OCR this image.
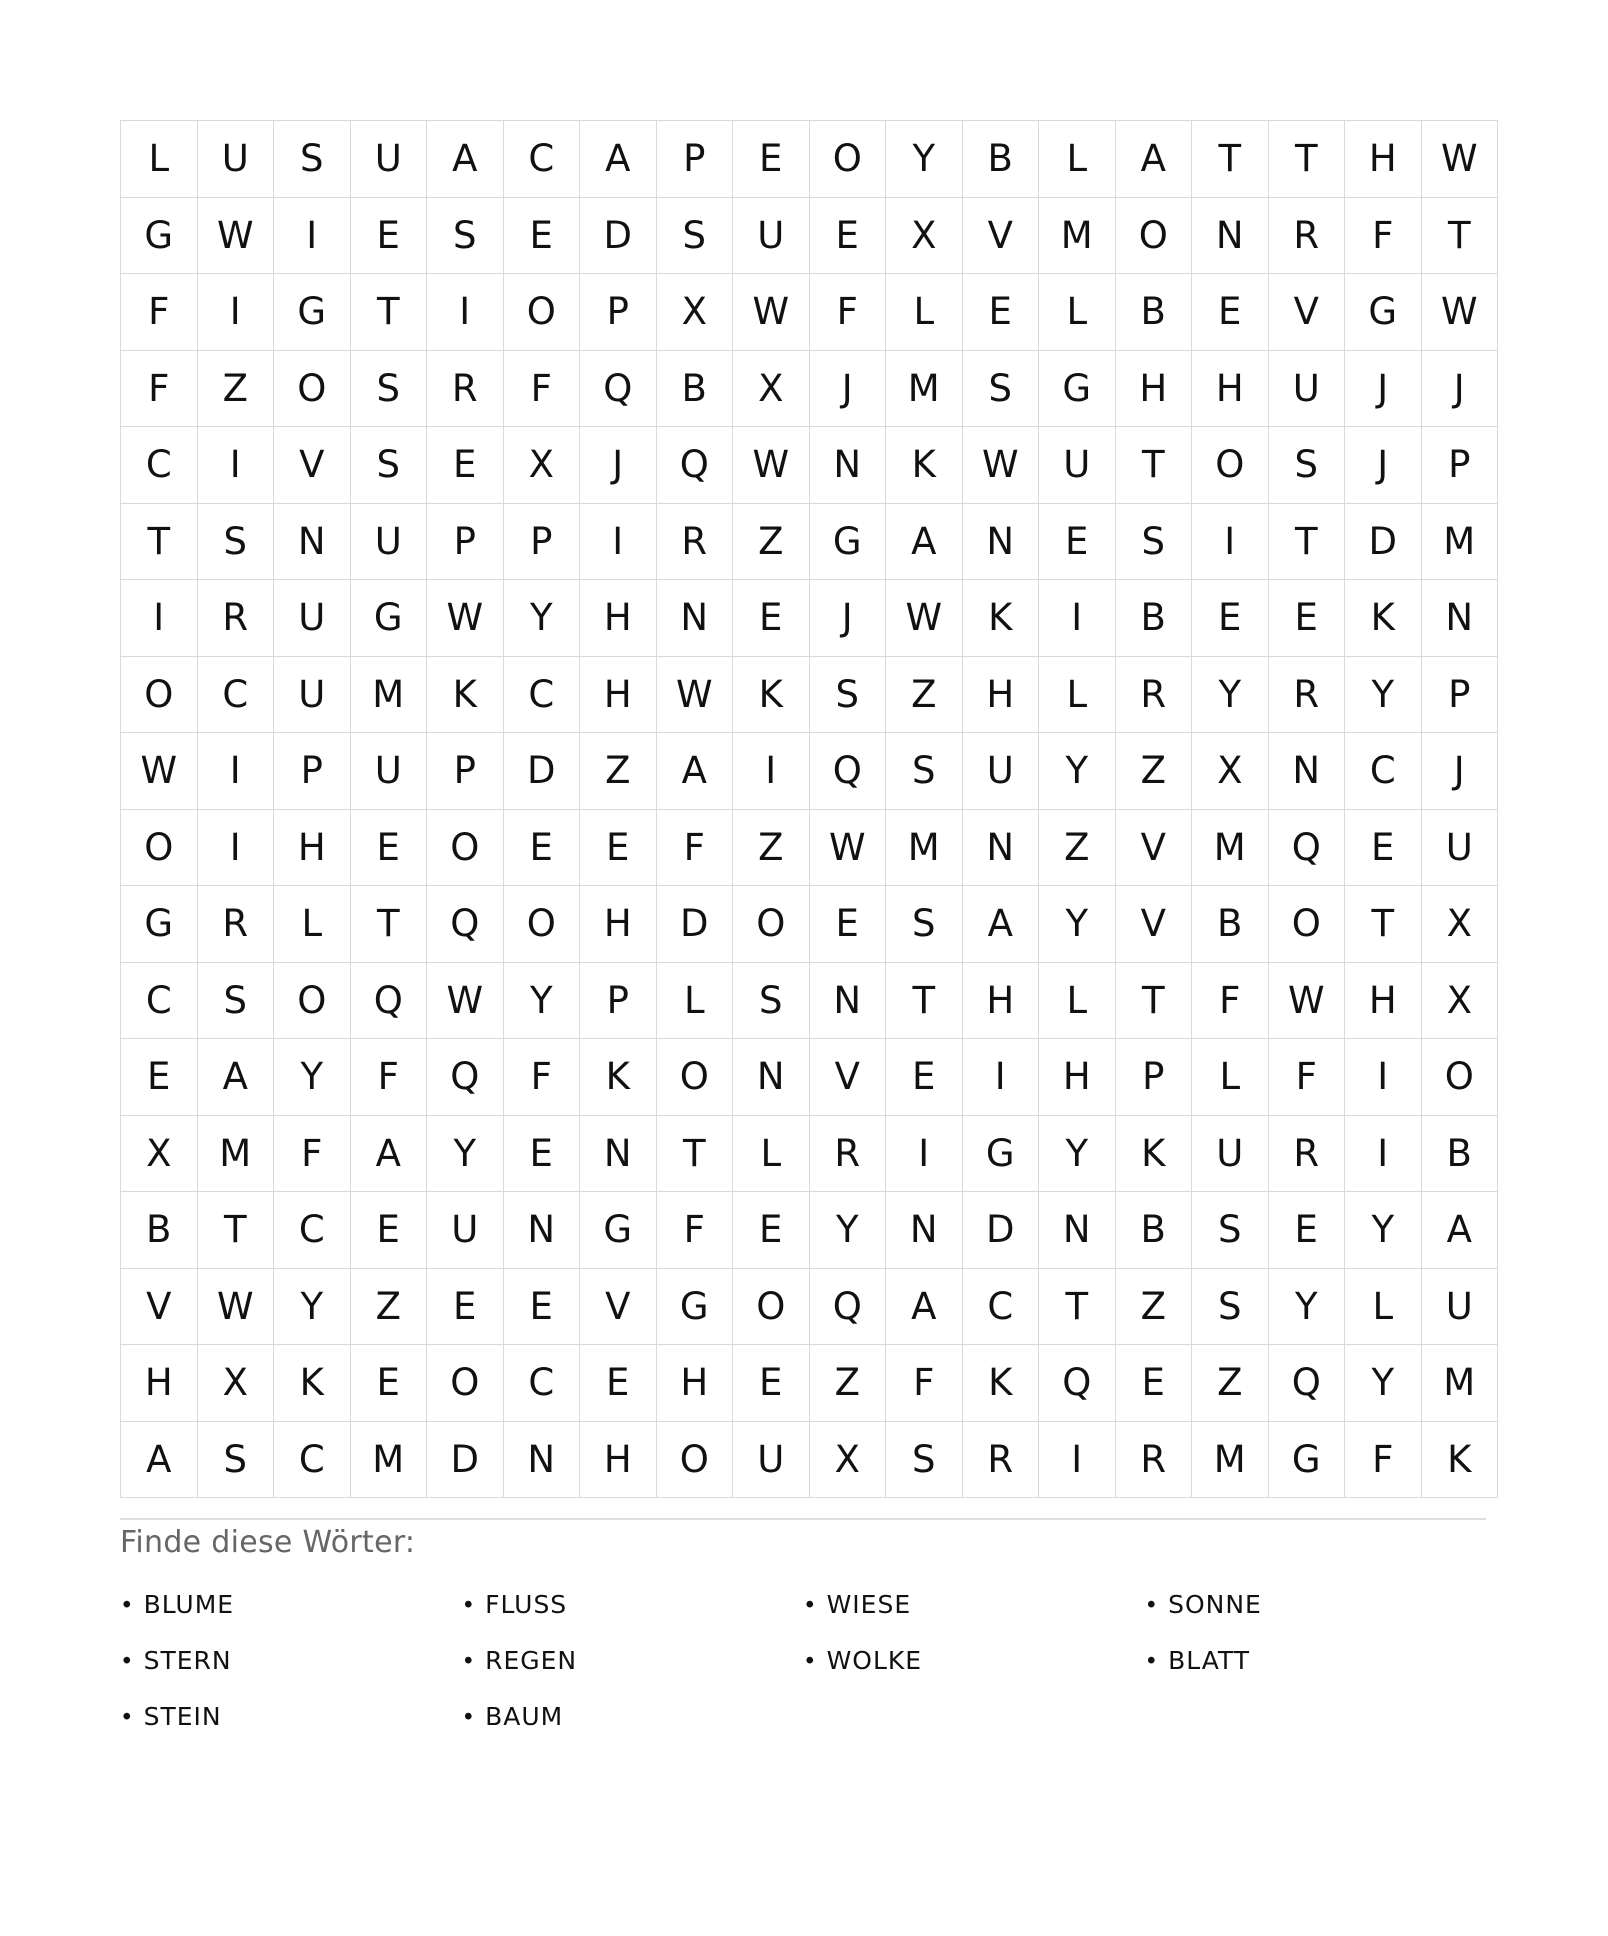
L	U	S	U	A	C	A	P	E	O	Y	B	L	A	T	T	H	W
G	W	I	E	S	E	D	S	U	E	X	V	M	O	N	R	F	T
F	I	G	T	I	O	P	X	W	F	L	E	L	B	E	V	G	W
F	Z	O	S	R	F	Q	B	X	J	M	S	G	H	H	U	J	J
C	I	V	S	E	X	J	Q	W	N	K	W	U	T	O	S	J	P
T	S	N	U	P	P	I	R	Z	G	A	N	E	S	I	T	D	M
I	R	U	G	W	Y	H	N	E	J	W	K	I	B	E	E	K	N
O	C	U	M	K	C	H	W	K	S	Z	H	L	R	Y	R	Y	P
W	I	P	U	P	D	Z	A	I	Q	S	U	Y	Z	X	N	C	J
O	I	H	E	O	E	E	F	Z	W	M	N	Z	V	M	Q	E	U
G	R	L	T	Q	O	H	D	O	E	S	A	Y	V	B	O	T	X
C	S	O	Q	W	Y	P	L	S	N	T	H	L	T	F	W	H	X
E	A	Y	F	Q	F	K	O	N	V	E	I	H	P	L	F	I	O
X	M	F	A	Y	E	N	T	L	R	I	G	Y	K	U	R	I	B
B	T	C	E	U	N	G	F	E	Y	N	D	N	B	S	E	Y	A
V	W	Y	Z	E	E	V	G	O	Q	A	C	T	Z	S	Y	L	U
H	X	K	E	O	C	E	H	E	Z	F	K	Q	E	Z	Q	Y	M
A	S	C	M	D	N	H	O	U	X	S	R	I	R	M	G	F	K
Finde diese Wörter:
• BLUME	• FLUSS	• WIESE	• SONNE
• STERN	• REGEN	• WOLKE	• BLATT
• STEIN	• BAUM
